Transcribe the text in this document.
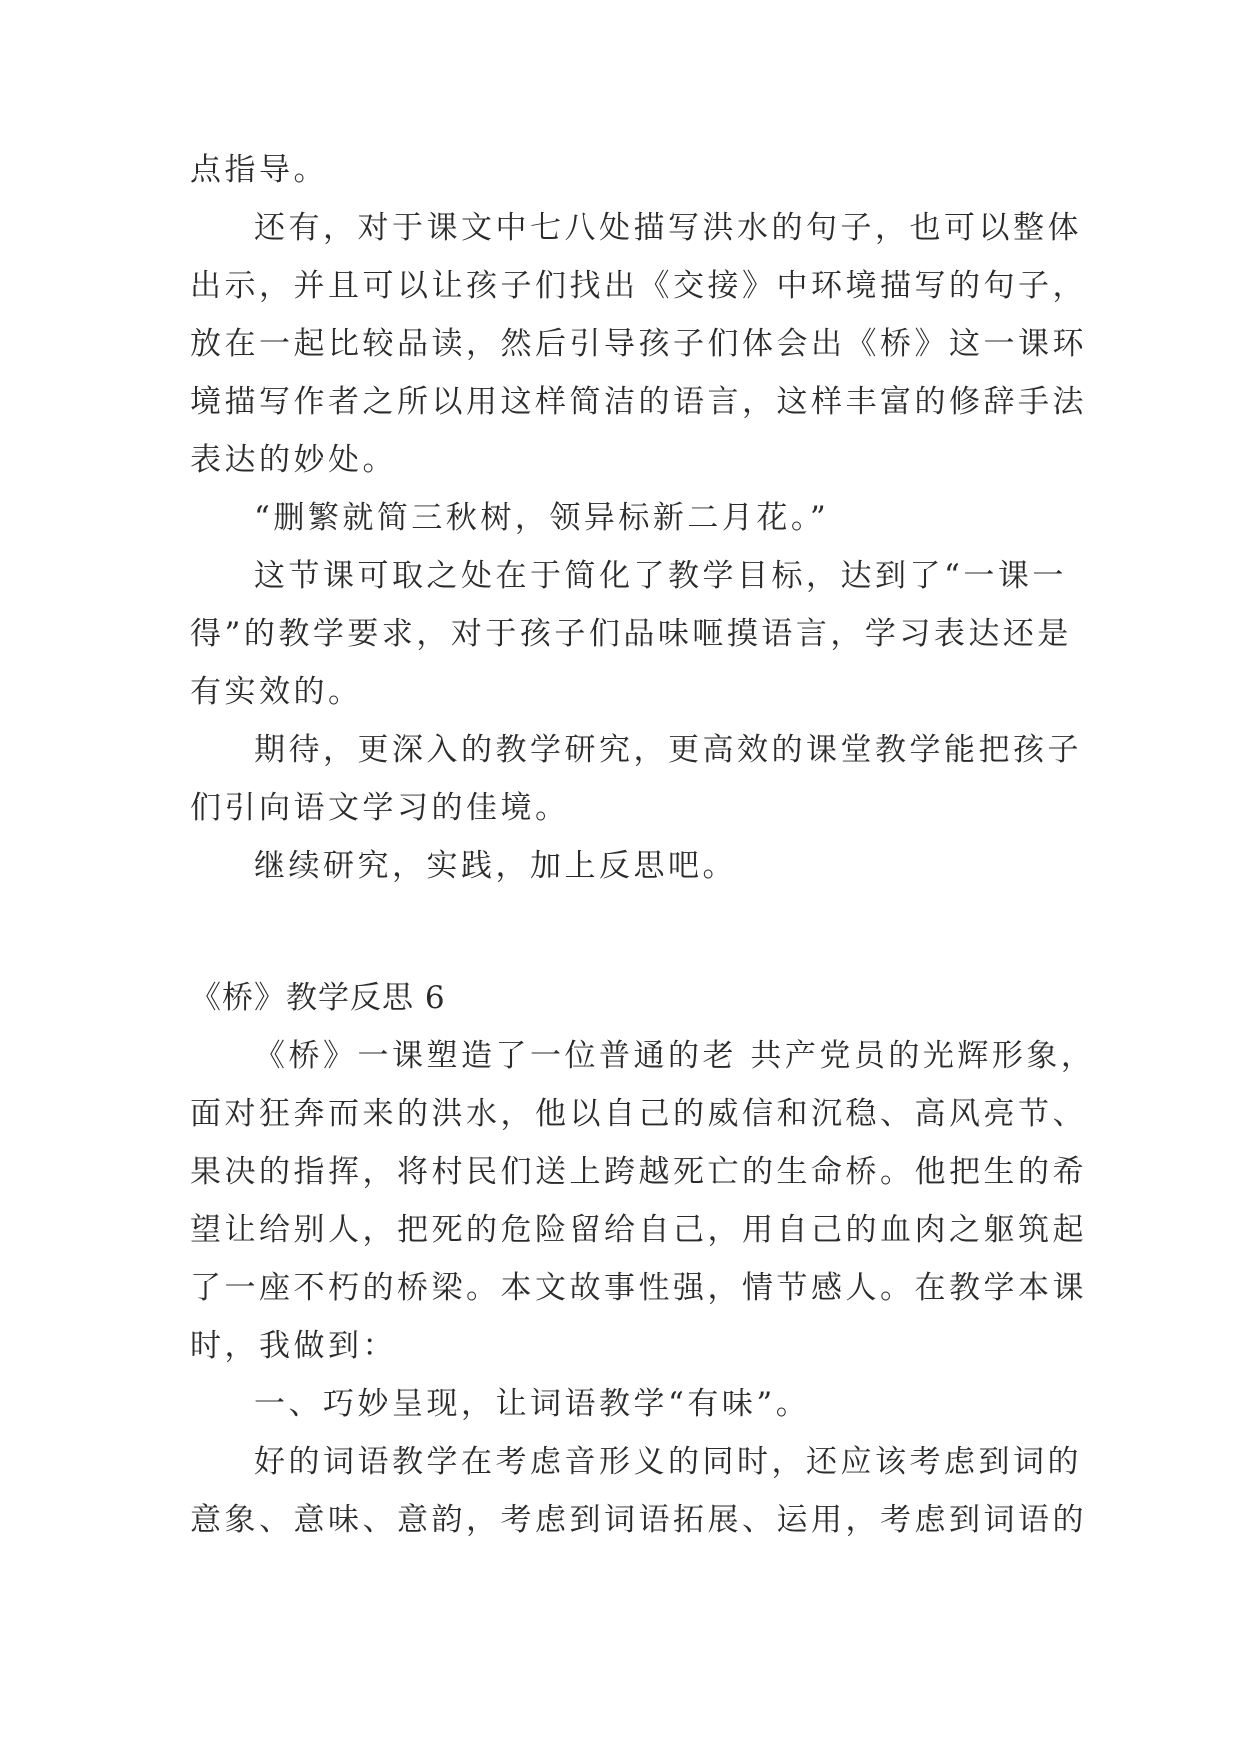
点指导。
还有，对于课文中七八处描写洪水的句子，也可以整体
出示，并且可以让孩子们找出《交接》中环境描写的句子，
放在一起比较品读，然后引导孩子们体会出《桥》这一课环
境描写作者之所以用这样简洁的语言，这样丰富的修辞手法
表达的妙处。
“删繁就简三秋树，领异标新二月花。”
这节课可取之处在于简化了教学目标，达到了“一课一
得”的教学要求，对于孩子们品味咂摸语言，学习表达还是
有实效的。
期待，更深入的教学研究，更高效的课堂教学能把孩子
们引向语文学习的佳境。
继续研究，实践，加上反思吧。
《桥》教学反思 6
《桥》一课塑造了一位普通的老 共产党员的光辉形象，
面对狂奔而来的洪水，他以自己的威信和沉稳、高风亮节、
果决的指挥，将村民们送上跨越死亡的生命桥。他把生的希
望让给别人，把死的危险留给自己，用自己的血肉之躯筑起
了一座不朽的桥梁。本文故事性强，情节感人。在教学本课
时，我做到：
一、巧妙呈现，让词语教学“有味”。
好的词语教学在考虑音形义的同时，还应该考虑到词的
意象、意味、意韵，考虑到词语拓展、运用，考虑到词语的
